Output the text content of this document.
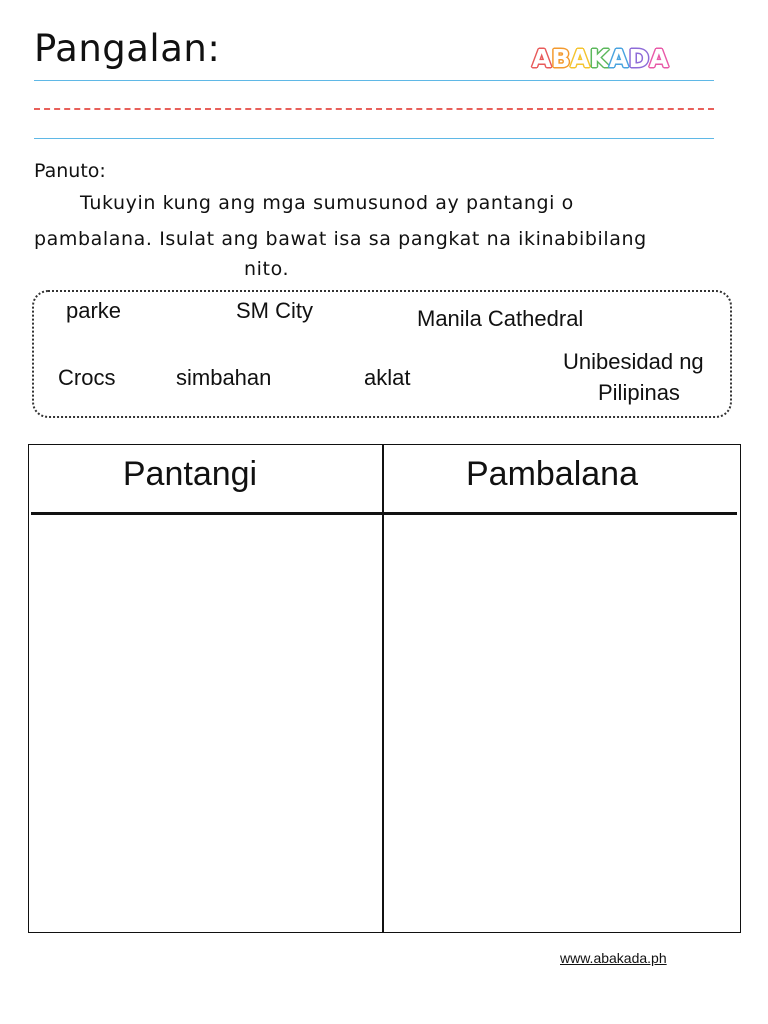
Pangalan:	ABAKADA
Panuto:
Tukuyin kung ang mga sumusunod ay pantangi o
pambalana. Isulat ang bawat isa sa pangkat na ikinabibilang
nito.
parke	SM City	Manila Cathedral
Crocs	simbahan	aklat
Unibesidad ng
Pilipinas
Pantangi	Pambalana
www.abakada.ph
